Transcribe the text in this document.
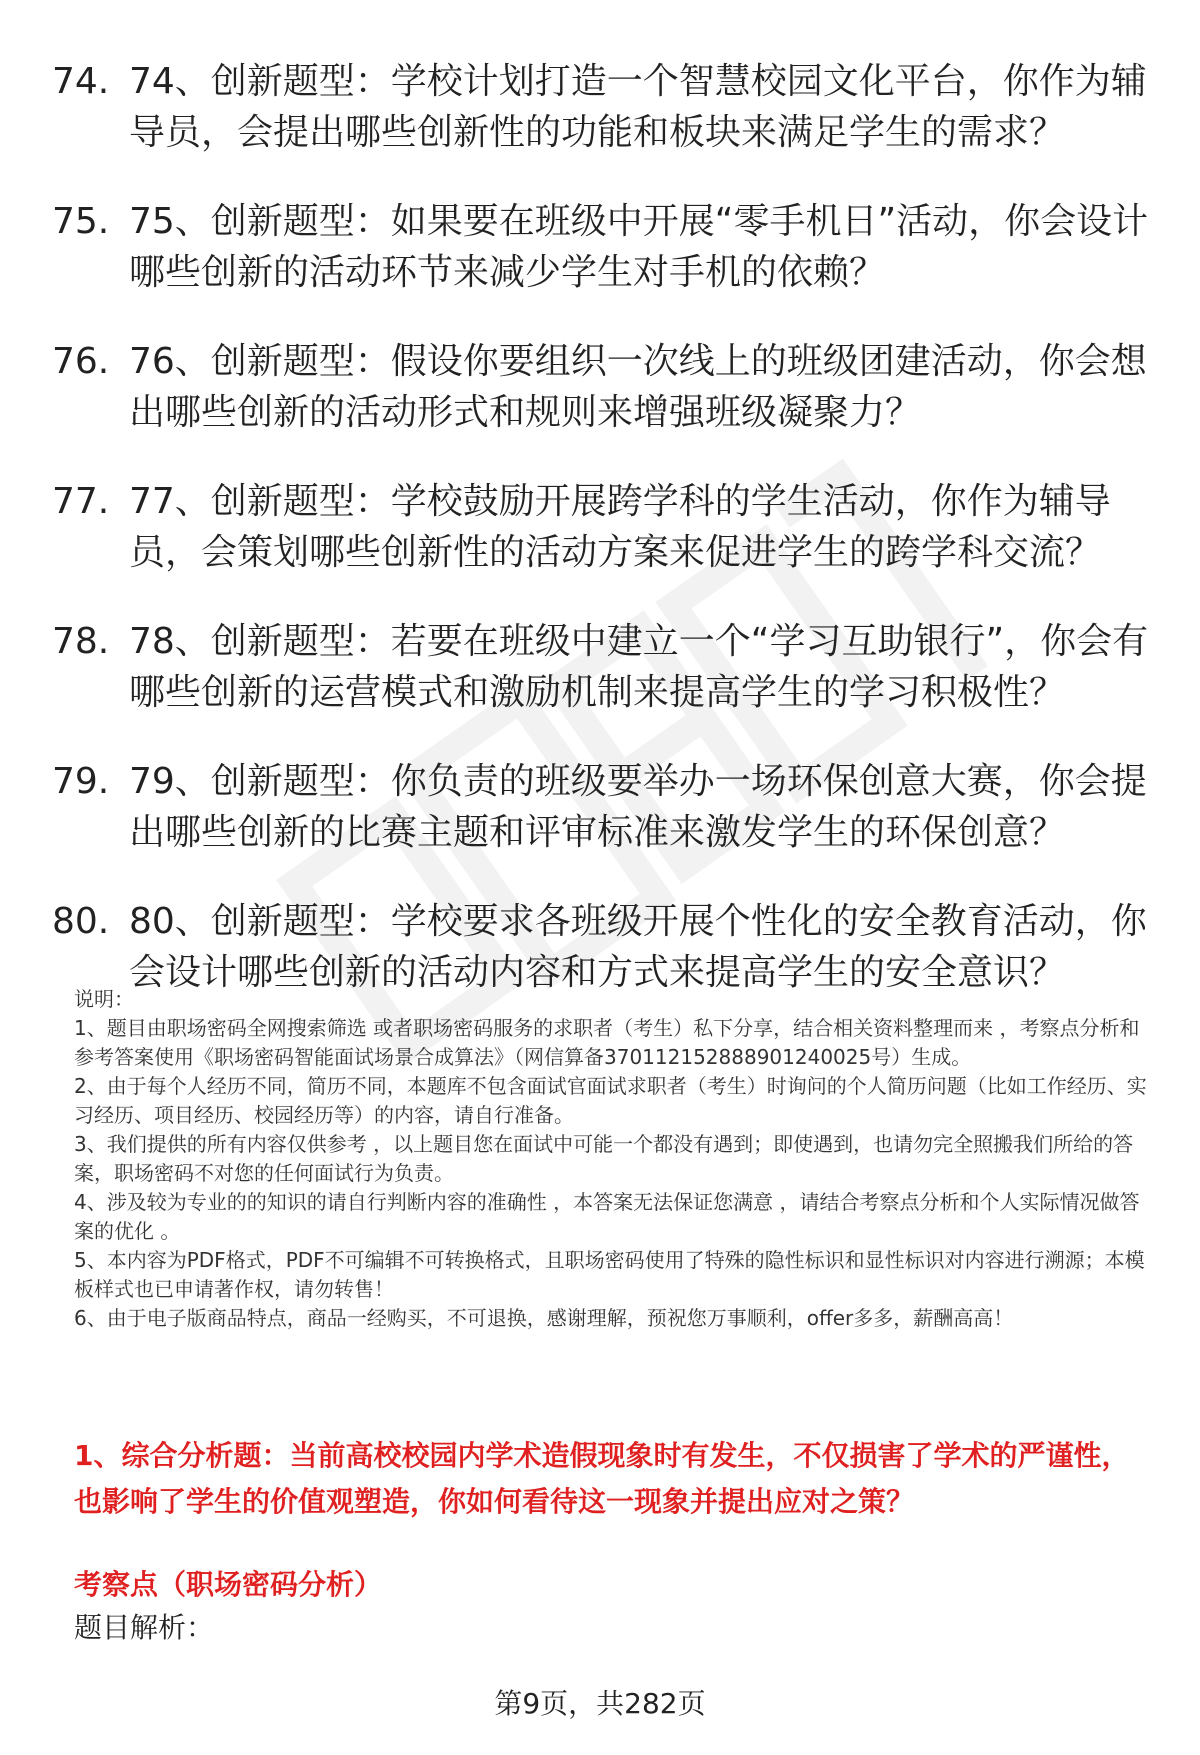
74. 74、创新题型：学校计划打造一个智慧校园文化平台，你作为辅导员，会提出哪些创新性的功能和板块来满足学生的需求？
75. 75、创新题型：如果要在班级中开展“零手机日”活动，你会设计哪些创新的活动环节来减少学生对手机的依赖？
76. 76、创新题型：假设你要组织一次线上的班级团建活动，你会想出哪些创新的活动形式和规则来增强班级凝聚力？
77. 77、创新题型：学校鼓励开展跨学科的学生活动，你作为辅导员，会策划哪些创新性的活动方案来促进学生的跨学科交流？
78. 78、创新题型：若要在班级中建立一个“学习互助银行”，你会有哪些创新的运营模式和激励机制来提高学生的学习积极性？
79. 79、创新题型：你负责的班级要举办一场环保创意大赛，你会提出哪些创新的比赛主题和评审标准来激发学生的环保创意？
80. 80、创新题型：学校要求各班级开展个性化的安全教育活动，你会设计哪些创新的活动内容和方式来提高学生的安全意识？

说明：

1、题目由职场密码全网搜索筛选 或者职场密码服务的求职者（考生）私下分享，结合相关资料整理而来 ，考察点分析和参考答案使用《职场密码智能面试场景合成算法》（网信算备370112152888901240025号）生成。

2、由于每个人经历不同，简历不同，本题库不包含面试官面试求职者（考生）时询问的个人简历问题（比如工作经历、实习经历、项目经历、校园经历等）的内容，请自行准备。

3、我们提供的所有内容仅供参考 ，以上题目您在面试中可能一个都没有遇到；即使遇到，也请勿完全照搬我们所给的答案，职场密码不对您的任何面试行为负责。

4、涉及较为专业的的知识的请自行判断内容的准确性 ，本答案无法保证您满意 ，请结合考察点分析和个人实际情况做答案的优化 。

5、本内容为PDF格式，PDF不可编辑不可转换格式，且职场密码使用了特殊的隐性标识和显性标识对内容进行溯源；本模板样式也已申请著作权，请勿转售！

6、由于电子版商品特点，商品一经购买，不可退换，感谢理解，预祝您万事顺利，offer多多，薪酬高高！

1、综合分析题：当前高校校园内学术造假现象时有发生，不仅损害了学术的严谨性，也影响了学生的价值观塑造，你如何看待这一现象并提出应对之策？

考察点（职场密码分析）

题目解析：
第9页，共282页
